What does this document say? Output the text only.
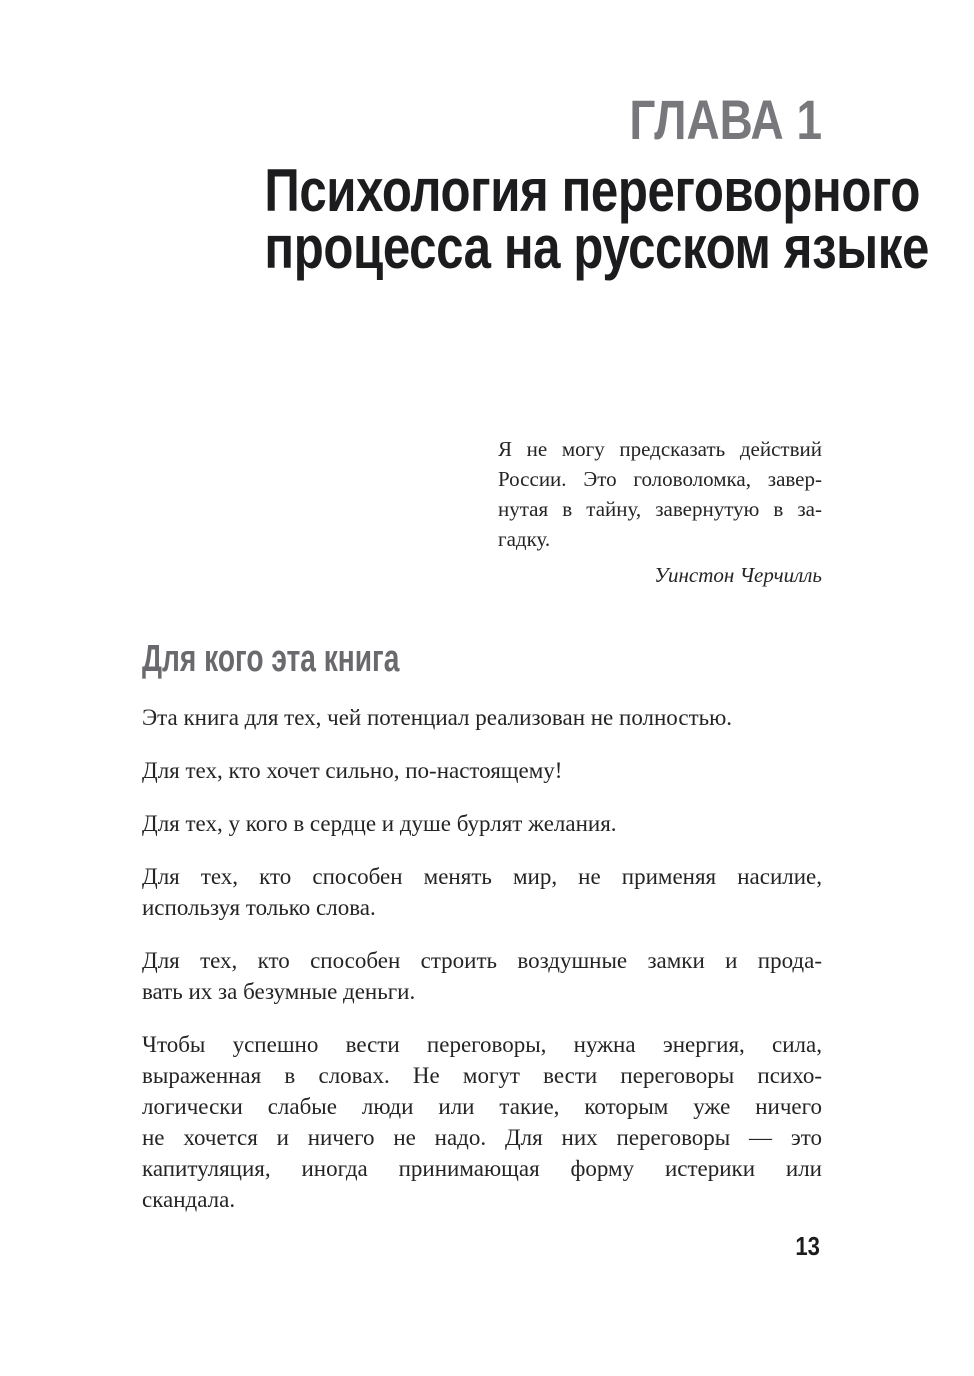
ГЛАВА 1
Психология переговорного
процесса на русском языке
Я не могу предсказать действий
России. Это головоломка, завер-
нутая в тайну, завернутую в за-
гадку.
Уинстон Черчилль
Для кого эта книга

Эта книга для тех, чей потенциал реализован не полностью.

Для тех, кто хочет сильно, по-настоящему!

Для тех, у кого в сердце и душе бурлят желания.

Для тех, кто способен менять мир, не применяя насилие,
используя только слова.

Для тех, кто способен строить воздушные замки и прода-
вать их за безумные деньги.

Чтобы успешно вести переговоры, нужна энергия, сила,
выраженная в словах. Не могут вести переговоры психо-
логически слабые люди или такие, которым уже ничего
не хочется и ничего не надо. Для них переговоры — это
капитуляция, иногда принимающая форму истерики или
скандала.

13
